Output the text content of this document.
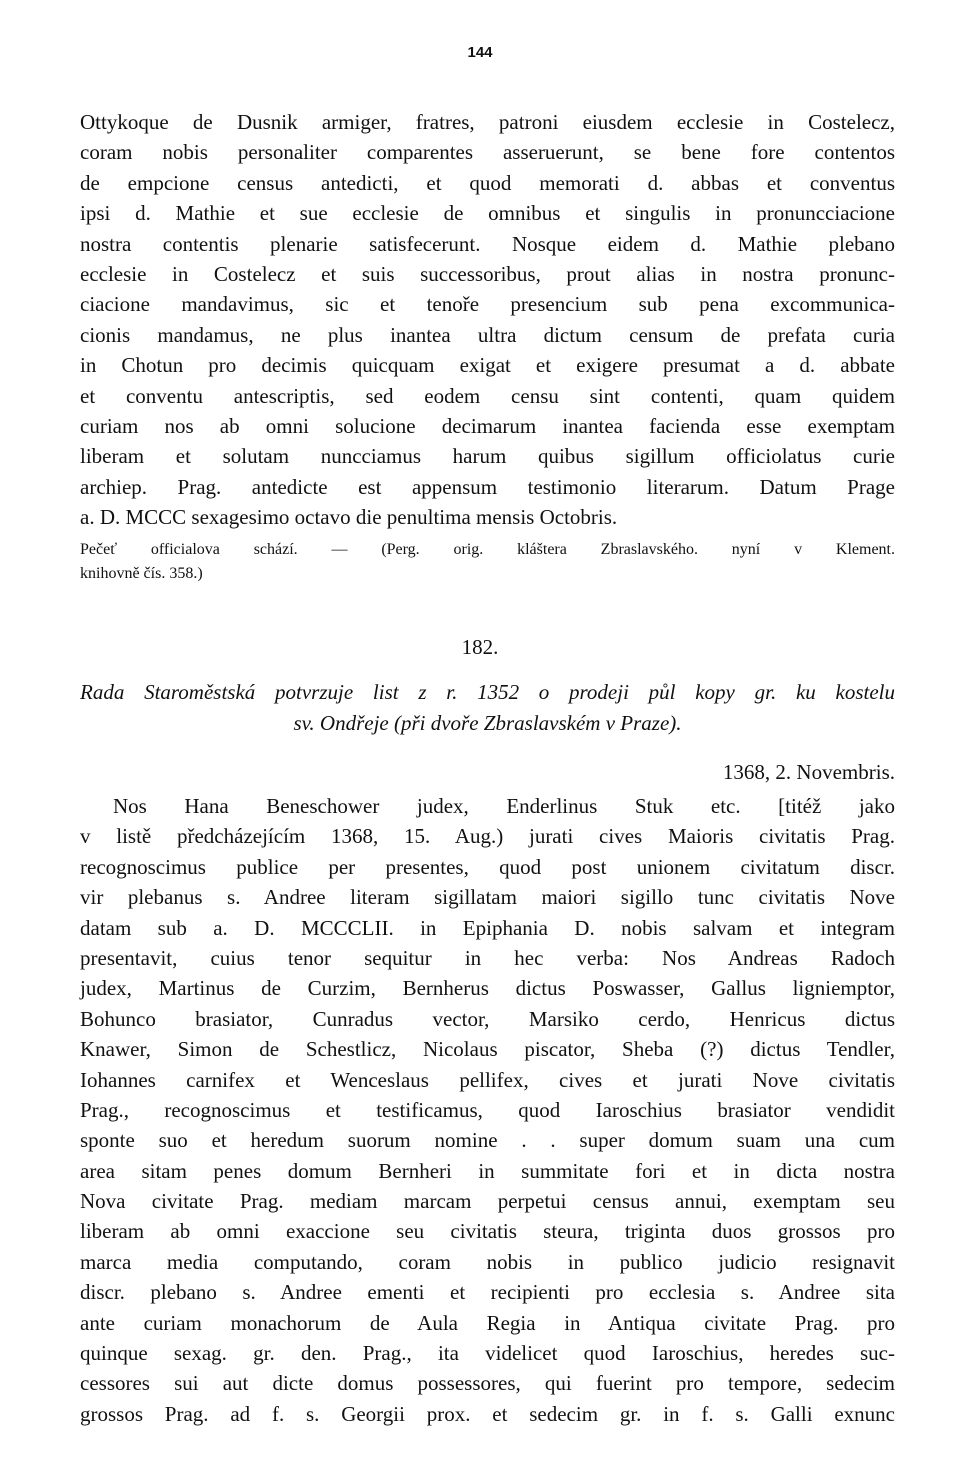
144
Ottykoque de Dusnik armiger, fratres, patroni eiusdem ecclesie in Costelecz,
coram nobis personaliter comparentes asseruerunt, se bene fore contentos
de empcione census antedicti, et quod memorati d. abbas et conventus
ipsi d. Mathie et sue ecclesie de omnibus et singulis in pronuncciacione
nostra contentis plenarie satisfecerunt. Nosque eidem d. Mathie plebano
ecclesie in Costelecz et suis successoribus, prout alias in nostra pronunc-
ciacione mandavimus, sic et tenoře presencium sub pena excommunica-
cionis mandamus, ne plus inantea ultra dictum censum de prefata curia
in Chotun pro decimis quicquam exigat et exigere presumat a d. abbate
et conventu antescriptis, sed eodem censu sint contenti, quam quidem
curiam nos ab omni solucione decimarum inantea facienda esse exemptam
liberam et solutam nuncciamus harum quibus sigillum officiolatus curie
archiep. Prag. antedicte est appensum testimonio literarum. Datum Prage
a. D. MCCC sexagesimo octavo die penultima mensis Octobris.
Pečeť officialova schází. — (Perg. orig. kláštera Zbraslavského. nyní v Klement.
knihovně čís. 358.)
182.
Rada Staroměstská potvrzuje list z r. 1352 o prodeji půl kopy gr. ku kostelu
sv. Ondřeje (při dvoře Zbraslavském v Praze).
1368, 2. Novembris.
Nos Hana Beneschower judex, Enderlinus Stuk etc. [titéž jako
v listě předcházejícím 1368, 15. Aug.) jurati cives Maioris civitatis Prag.
recognoscimus publice per presentes, quod post unionem civitatum discr.
vir plebanus s. Andree literam sigillatam maiori sigillo tunc civitatis Nove
datam sub a. D. MCCCLII. in Epiphania D. nobis salvam et integram
presentavit, cuius tenor sequitur in hec verba: Nos Andreas Radoch
judex, Martinus de Curzim, Bernherus dictus Poswasser, Gallus ligniemptor,
Bohunco brasiator, Cunradus vector, Marsiko cerdo, Henricus dictus
Knawer, Simon de Schestlicz, Nicolaus piscator, Sheba (?) dictus Tendler,
Iohannes carnifex et Wenceslaus pellifex, cives et jurati Nove civitatis
Prag., recognoscimus et testificamus, quod Iaroschius brasiator vendidit
sponte suo et heredum suorum nomine . . super domum suam una cum
area sitam penes domum Bernheri in summitate fori et in dicta nostra
Nova civitate Prag. mediam marcam perpetui census annui, exemptam seu
liberam ab omni exaccione seu civitatis steura, triginta duos grossos pro
marca media computando, coram nobis in publico judicio resignavit
discr. plebano s. Andree ementi et recipienti pro ecclesia s. Andree sita
ante curiam monachorum de Aula Regia in Antiqua civitate Prag. pro
quinque sexag. gr. den. Prag., ita videlicet quod Iaroschius, heredes suc-
cessores sui aut dicte domus possessores, qui fuerint pro tempore, sedecim
grossos Prag. ad f. s. Georgii prox. et sedecim gr. in f. s. Galli exnunc
